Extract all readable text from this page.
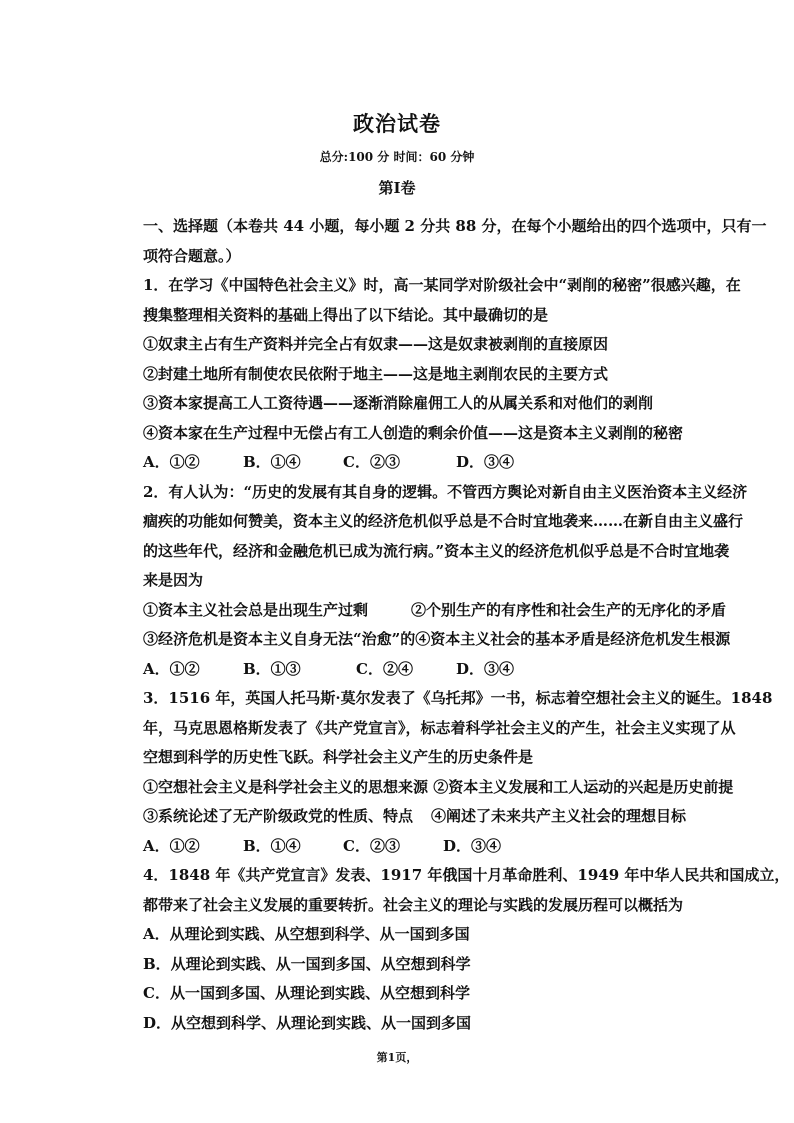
政治试卷
总分:100 分 时间：60 分钟
第Ⅰ卷
一、选择题（本卷共 44 小题，每小题 2 分共 88 分，在每个小题给出的四个选项中，只有一
项符合题意。）
1．在学习《中国特色社会主义》时，高一某同学对阶级社会中“剥削的秘密”很感兴趣，在
搜集整理相关资料的基础上得出了以下结论。其中最确切的是
①奴隶主占有生产资料并完全占有奴隶——这是奴隶被剥削的直接原因
②封建土地所有制使农民依附于地主——这是地主剥削农民的主要方式
③资本家提高工人工资待遇——逐渐消除雇佣工人的从属关系和对他们的剥削
④资本家在生产过程中无偿占有工人创造的剩余价值——这是资本主义剥削的秘密
A．①②	B．①④	C．②③	D．③④
2．有人认为：“历史的发展有其自身的逻辑。不管西方舆论对新自由主义医治资本主义经济
痼疾的功能如何赞美，资本主义的经济危机似乎总是不合时宜地袭来……在新自由主义盛行
的这些年代，经济和金融危机已成为流行病。”资本主义的经济危机似乎总是不合时宜地袭
来是因为
①资本主义社会总是出现生产过剩	②个别生产的有序性和社会生产的无序化的矛盾
③经济危机是资本主义自身无法“治愈”的④资本主义社会的基本矛盾是经济危机发生根源
A．①②	B．①③	C．②④	D．③④
3．1516 年，英国人托马斯·莫尔发表了《乌托邦》一书，标志着空想社会主义的诞生。1848
年，马克思恩格斯发表了《共产党宣言》，标志着科学社会主义的产生，社会主义实现了从
空想到科学的历史性飞跃。科学社会主义产生的历史条件是
①空想社会主义是科学社会主义的思想来源 ②资本主义发展和工人运动的兴起是历史前提
③系统论述了无产阶级政党的性质、特点	④阐述了未来共产主义社会的理想目标
A．①②	B．①④	C．②③	D．③④
4．1848 年《共产党宣言》发表、1917 年俄国十月革命胜利、1949 年中华人民共和国成立，
都带来了社会主义发展的重要转折。社会主义的理论与实践的发展历程可以概括为
A．从理论到实践、从空想到科学、从一国到多国
B．从理论到实践、从一国到多国、从空想到科学
C．从一国到多国、从理论到实践、从空想到科学
D．从空想到科学、从理论到实践、从一国到多国
第1页，
